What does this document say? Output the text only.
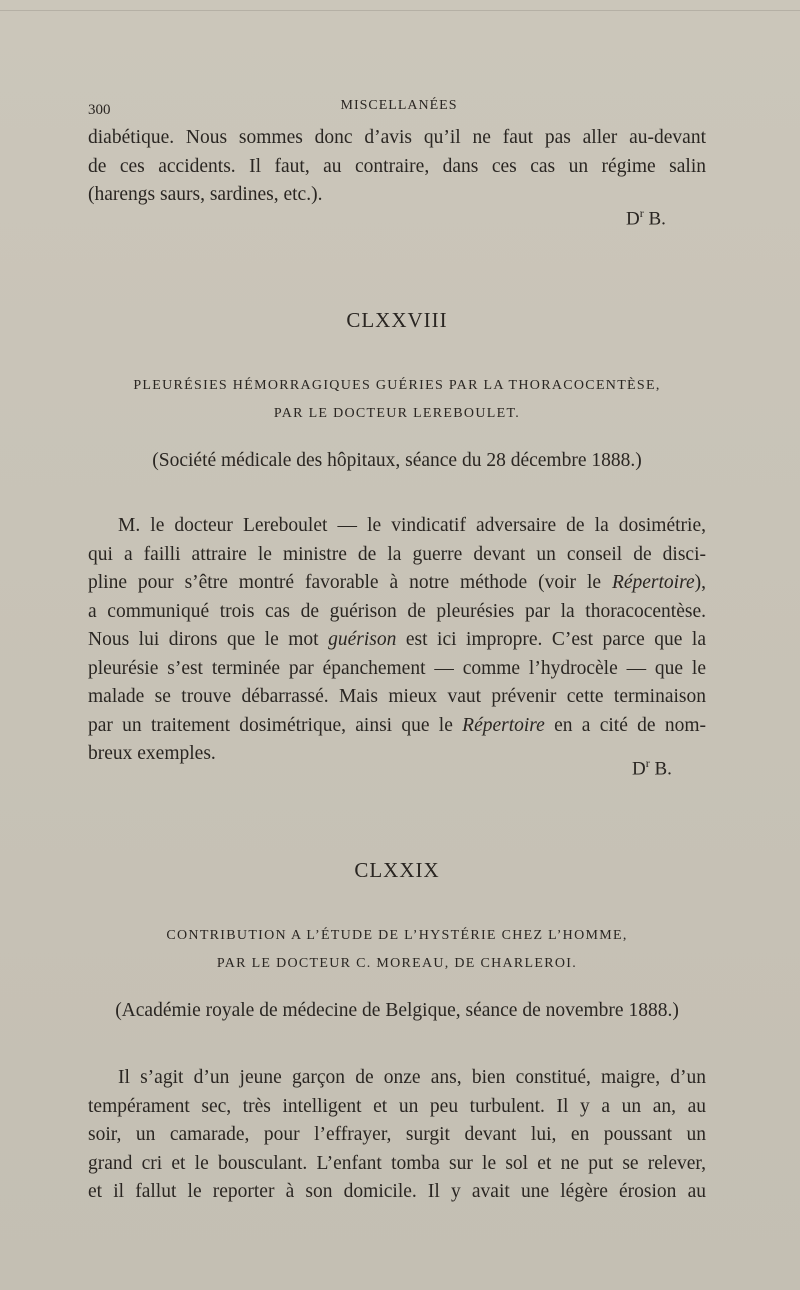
300	MISCELLANÉES
diabétique. Nous sommes donc d’avis qu’il ne faut pas aller au-devant
de ces accidents. Il faut, au contraire, dans ces cas un régime salin
(harengs saurs, sardines, etc.).
$D^r$ B.
CLXXVIII
PLEURÉSIES HÉMORRAGIQUES GUÉRIES PAR LA THORACOCENTÈSE,
PAR LE DOCTEUR LEREBOULET.
(Société médicale des hôpitaux, séance du 28 décembre 1888.)
M. le docteur Lereboulet — le vindicatif adversaire de la dosimétrie,
qui a failli attraire le ministre de la guerre devant un conseil de disci-
pline pour s’être montré favorable à notre méthode (voir le Répertoire),
a communiqué trois cas de guérison de pleurésies par la thoracocentèse.
Nous lui dirons que le mot guérison est ici impropre. C’est parce que la
pleurésie s’est terminée par épanchement — comme l’hydrocèle — que le
malade se trouve débarrassé. Mais mieux vaut prévenir cette terminaison
par un traitement dosimétrique, ainsi que le Répertoire en a cité de nom-
breux exemples.
$D^r$ B.
CLXXIX
CONTRIBUTION A L’ÉTUDE DE L’HYSTÉRIE CHEZ L’HOMME,
PAR LE DOCTEUR C. MOREAU, DE CHARLEROI.
(Académie royale de médecine de Belgique, séance de novembre 1888.)
Il s’agit d’un jeune garçon de onze ans, bien constitué, maigre, d’un
tempérament sec, très intelligent et un peu turbulent. Il y a un an, au
soir, un camarade, pour l’effrayer, surgit devant lui, en poussant un
grand cri et le bousculant. L’enfant tomba sur le sol et ne put se relever,
et il fallut le reporter à son domicile. Il y avait une légère érosion au
